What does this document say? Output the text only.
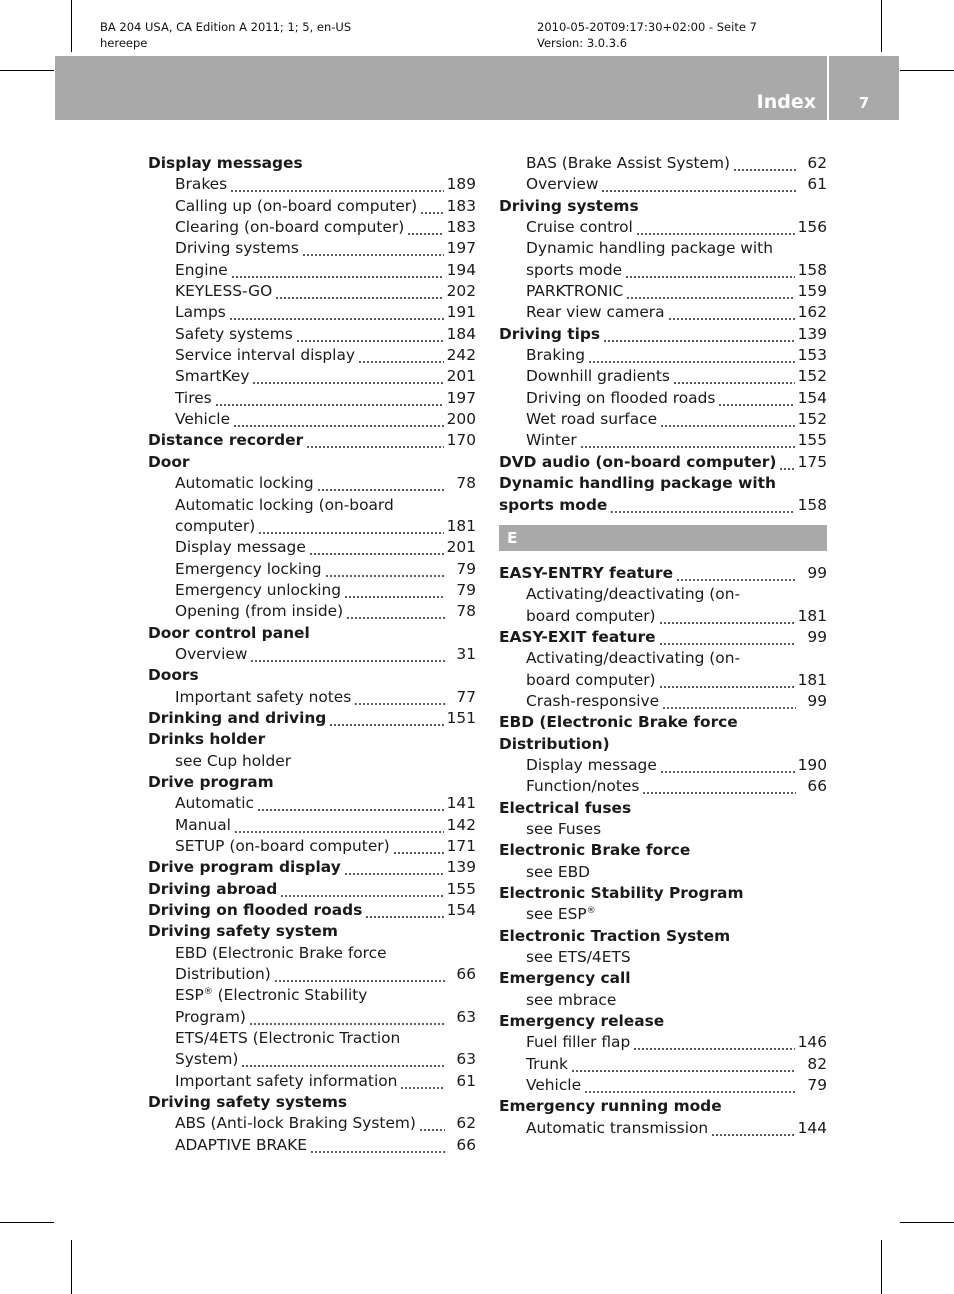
BA 204 USA, CA Edition A 2011; 1; 5, en-US
hereepe
2010-05-20T09:17:30+02:00 - Seite 7
Version: 3.0.3.6
Index	7
Display messages
Brakes	189
Calling up (on-board computer) 183
Clearing (on-board computer)	183
Driving systems	197
Engine	194
KEYLESS-GO	202
Lamps	191
Safety systems	184
Service interval display	242
SmartKey	201
Tires	197
Vehicle	200
Distance recorder	170
Door
Automatic locking	78
Automatic locking (on-board
computer)	181
Display message	201
Emergency locking	79
Emergency unlocking	79
Opening (from inside)	78
Door control panel
Overview	31
Doors
Important safety notes	77
Drinking and driving	151
Drinks holder
see Cup holder
Drive program
Automatic	141
Manual	142
SETUP (on-board computer)	171
Drive program display	139
Driving abroad	155
Driving on flooded roads	154
Driving safety system
EBD (Electronic Brake force
Distribution)	66
ESP® (Electronic Stability
Program)	63
ETS/4ETS (Electronic Traction
System)	63
Important safety information	61
Driving safety systems
ABS (Anti-lock Braking System)	62
ADAPTIVE BRAKE	66
BAS (Brake Assist System)	62
Overview	61
Driving systems
Cruise control	156
Dynamic handling package with
sports mode	158
PARKTRONIC	159
Rear view camera	162
Driving tips	139
Braking	153
Downhill gradients	152
Driving on flooded roads	154
Wet road surface	152
Winter	155
DVD audio (on-board computer) 175
Dynamic handling package with
sports mode	158
E
EASY-ENTRY feature	99
Activating/deactivating (on-
board computer)	181
EASY-EXIT feature	99
Activating/deactivating (on-
board computer)	181
Crash-responsive	99
EBD (Electronic Brake force
Distribution)
Display message	190
Function/notes	66
Electrical fuses
see Fuses
Electronic Brake force
see EBD
Electronic Stability Program
see ESP®
Electronic Traction System
see ETS/4ETS
Emergency call
see mbrace
Emergency release
Fuel filler flap	146
Trunk	82
Vehicle	79
Emergency running mode
Automatic transmission	144
